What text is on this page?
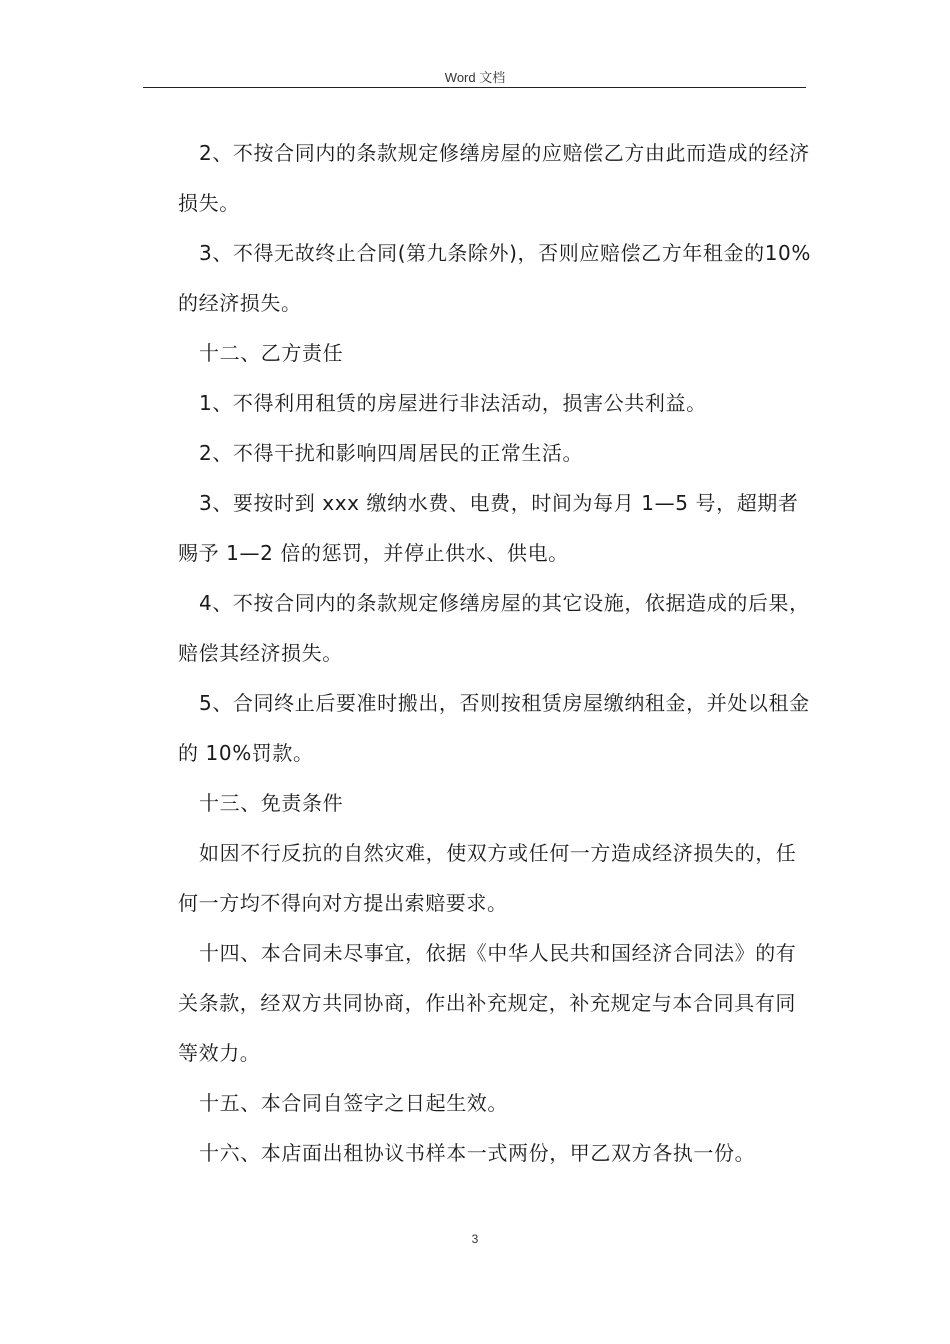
Word 文档

2、不按合同内的条款规定修缮房屋的应赔偿乙方由此而造成的经济损失。

3、不得无故终止合同(第九条除外)，否则应赔偿乙方年租金的10%的经济损失。

十二、乙方责任

1、不得利用租赁的房屋进行非法活动，损害公共利益。

2、不得干扰和影响四周居民的正常生活。

3、要按时到 xxx 缴纳水费、电费，时间为每月 1—5 号，超期者赐予 1—2 倍的惩罚，并停止供水、供电。

4、不按合同内的条款规定修缮房屋的其它设施，依据造成的后果，赔偿其经济损失。

5、合同终止后要准时搬出，否则按租赁房屋缴纳租金，并处以租金的 10%罚款。

十三、免责条件

如因不行反抗的自然灾难，使双方或任何一方造成经济损失的，任何一方均不得向对方提出索赔要求。

十四、本合同未尽事宜，依据《中华人民共和国经济合同法》的有关条款，经双方共同协商，作出补充规定，补充规定与本合同具有同等效力。

十五、本合同自签字之日起生效。

十六、本店面出租协议书样本一式两份，甲乙双方各执一份。

3
